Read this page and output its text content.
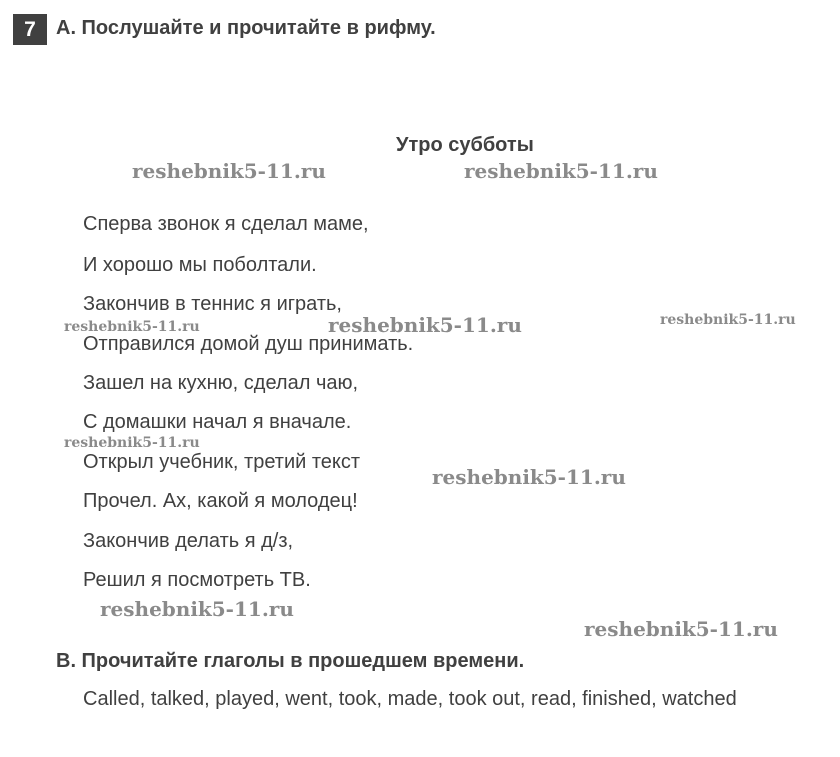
7	A. Послушайте и прочитайте в рифму.
Утро субботы
Сперва звонок я сделал маме,
И хорошо мы поболтали.
Закончив в теннис я играть,
Отправился домой душ принимать.
Зашел на кухню, сделал чаю,
С домашки начал я вначале.
Открыл учебник, третий текст
Прочел. Ах, какой я молодец!
Закончив делать я д/з,
Решил я посмотреть ТВ.
B. Прочитайте глаголы в прошедшем времени.
Called, talked, played, went, took, made, took out, read, finished, watched
reshebnik5-11.ru	reshebnik5-11.ru
reshebnik5-11.ru	reshebnik5-11.ru	reshebnik5-11.ru
reshebnik5-11.ru
reshebnik5-11.ru
reshebnik5-11.ru
reshebnik5-11.ru
